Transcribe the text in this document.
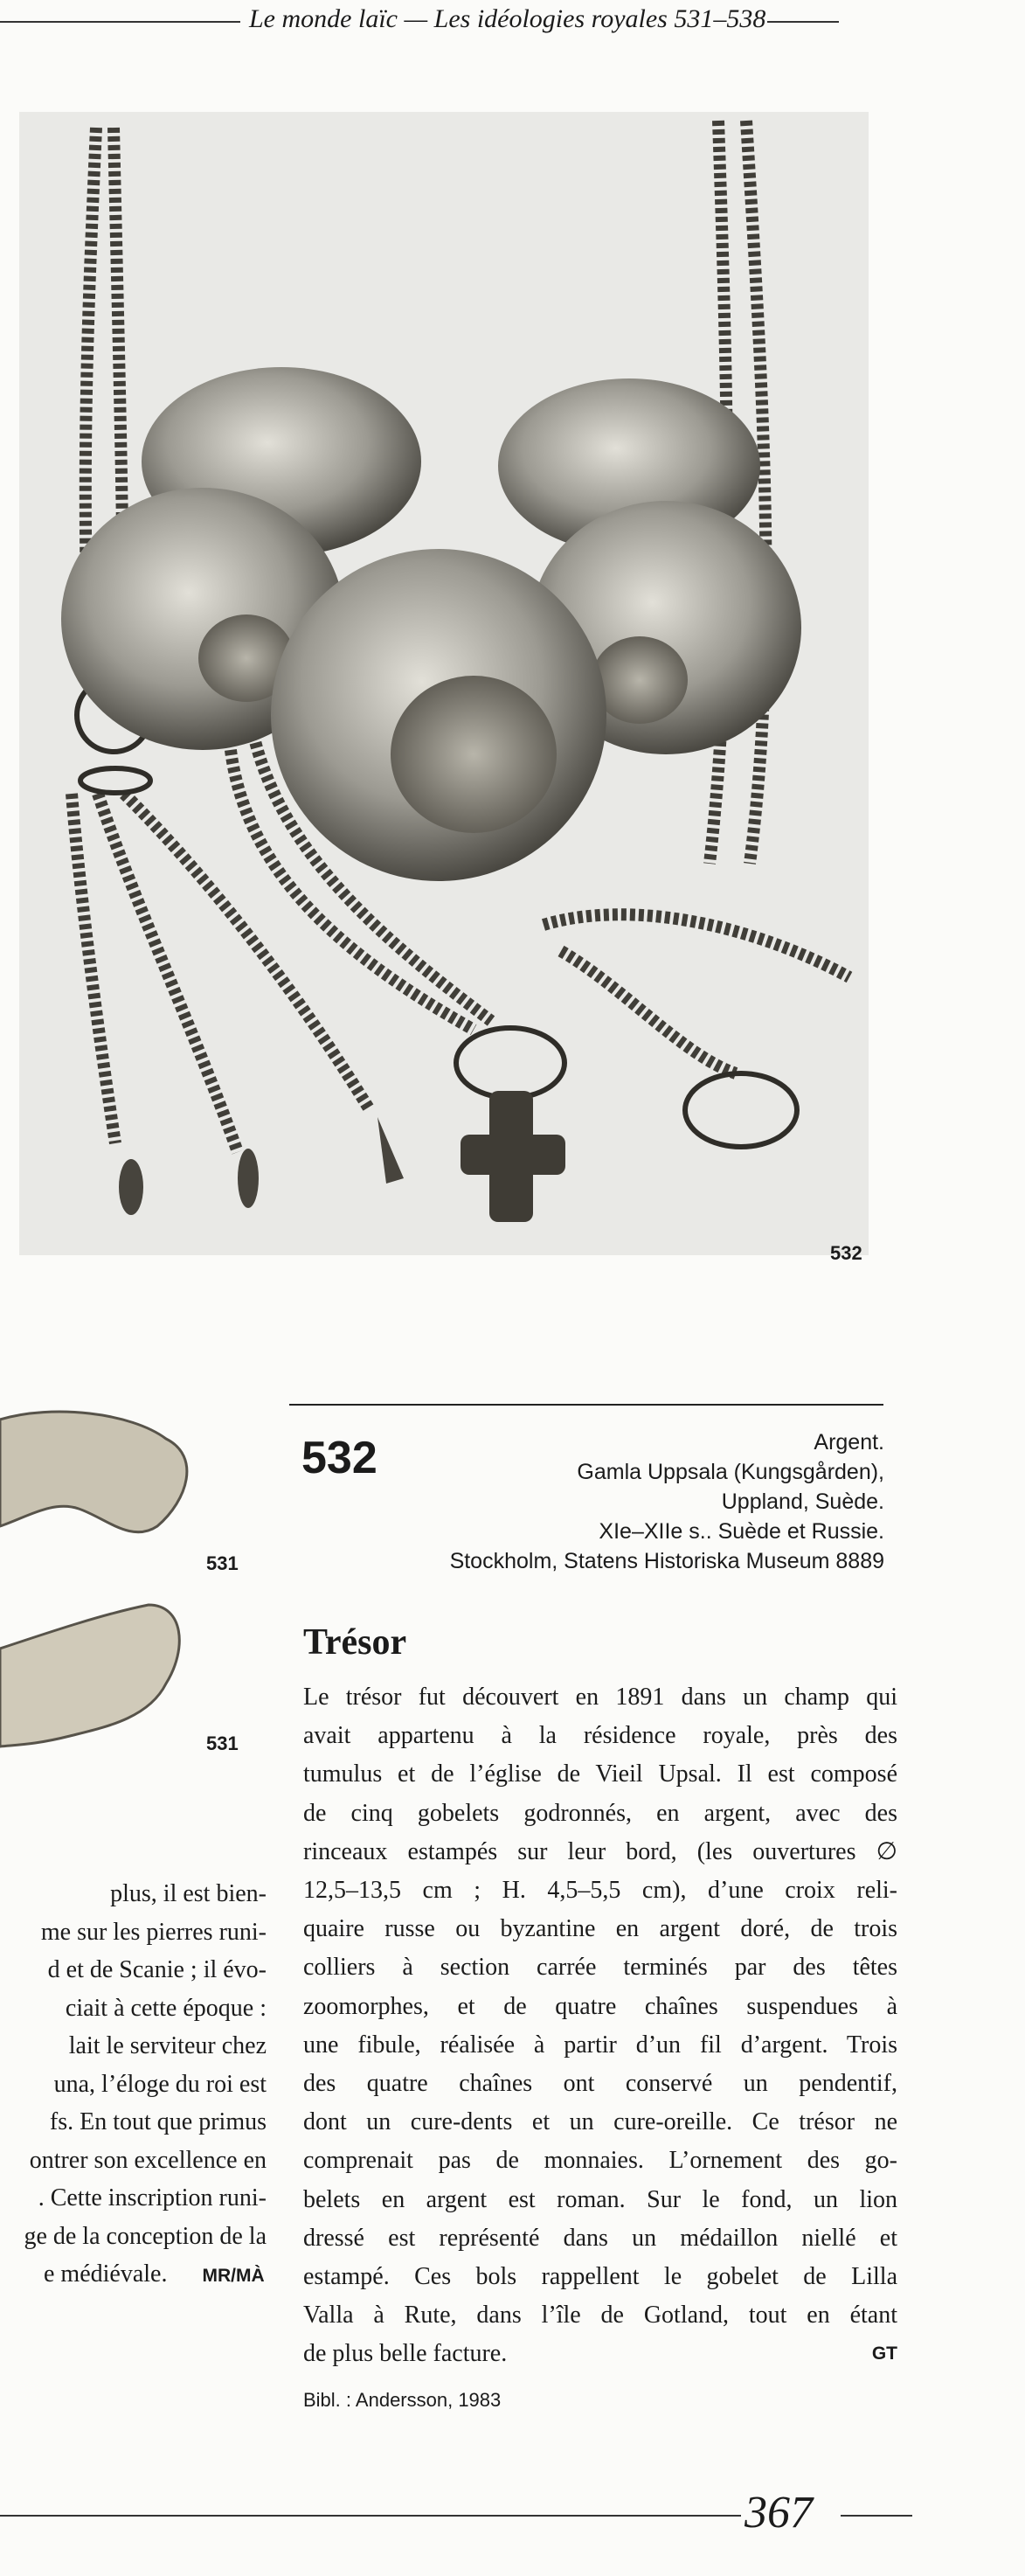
Le monde laïc — Les idéologies royales 531–538
532
531
531
532	Argent.
Gamla Uppsala (Kungsgården),
Uppland, Suède.
XIe–XIIe s.. Suède et Russie.
Stockholm, Statens Historiska Museum 8889
Trésor
Le trésor fut découvert en 1891 dans un champ qui
avait appartenu à la résidence royale, près des
tumulus et de l’église de Vieil Upsal. Il est composé
de cinq gobelets godronnés, en argent, avec des
rinceaux estampés sur leur bord, (les ouvertures ∅
12,5–13,5 cm ; H. 4,5–5,5 cm), d’une croix reli-
quaire russe ou byzantine en argent doré, de trois
colliers à section carrée terminés par des têtes
zoomorphes, et de quatre chaînes suspendues à
une fibule, réalisée à partir d’un fil d’argent. Trois
des quatre chaînes ont conservé un pendentif,
dont un cure-dents et un cure-oreille. Ce trésor ne
comprenait pas de monnaies. L’ornement des go-
belets en argent est roman. Sur le fond, un lion
dressé est représenté dans un médaillon niellé et
estampé. Ces bols rappellent le gobelet de Lilla
Valla à Rute, dans l’île de Gotland, tout en étant
de plus belle facture.	GT
Bibl. : Andersson, 1983
plus, il est bien-
me sur les pierres runi-
d et de Scanie ; il évo-
ciait à cette époque :
lait le serviteur chez
una, l’éloge du roi est
fs. En tout que primus
ontrer son excellence en
. Cette inscription runi-
ge de la conception de la
e médiévale. MR/MÀ
367
